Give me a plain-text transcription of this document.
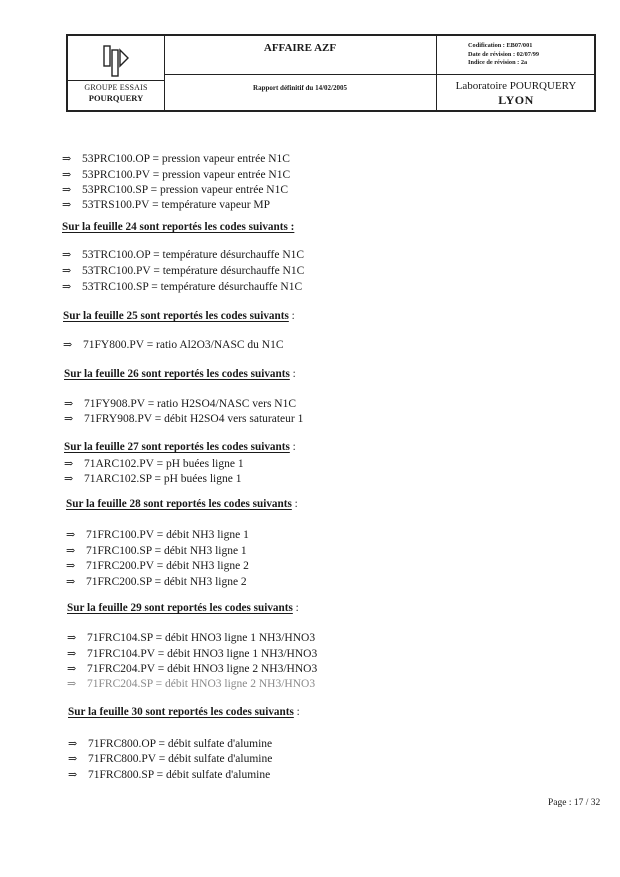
GROUPE ESSAIS
POURQUERY
AFFAIRE AZF
Rapport définitif du 14/02/2005
Codification : EB07/001
Date de révision : 02/07/99
Indice de révision : 2a
Laboratoire POURQUERY
LYON
⇒ 53PRC100.OP = pression vapeur entrée N1C
⇒ 53PRC100.PV = pression vapeur entrée N1C
⇒ 53PRC100.SP = pression vapeur entrée N1C
⇒ 53TRS100.PV = température vapeur MP
Sur la feuille 24 sont reportés les codes suivants :
⇒ 53TRC100.OP = température désurchauffe N1C
⇒ 53TRC100.PV = température désurchauffe N1C
⇒ 53TRC100.SP = température désurchauffe N1C
Sur la feuille 25 sont reportés les codes suivants :
⇒ 71FY800.PV = ratio Al2O3/NASC du N1C
Sur la feuille 26 sont reportés les codes suivants :
⇒ 71FY908.PV = ratio H2SO4/NASC vers N1C
⇒ 71FRY908.PV = débit H2SO4 vers saturateur 1
Sur la feuille 27 sont reportés les codes suivants :
⇒ 71ARC102.PV = pH buées ligne 1
⇒ 71ARC102.SP = pH buées ligne 1
Sur la feuille 28 sont reportés les codes suivants :
⇒ 71FRC100.PV = débit NH3 ligne 1
⇒ 71FRC100.SP = débit NH3 ligne 1
⇒ 71FRC200.PV = débit NH3 ligne 2
⇒ 71FRC200.SP = débit NH3 ligne 2
Sur la feuille 29 sont reportés les codes suivants :
⇒ 71FRC104.SP = débit HNO3 ligne 1 NH3/HNO3
⇒ 71FRC104.PV = débit HNO3 ligne 1 NH3/HNO3
⇒ 71FRC204.PV = débit HNO3 ligne 2 NH3/HNO3
⇒ 71FRC204.SP = débit HNO3 ligne 2 NH3/HNO3
Sur la feuille 30 sont reportés les codes suivants :
⇒ 71FRC800.OP = débit sulfate d'alumine
⇒ 71FRC800.PV = débit sulfate d'alumine
⇒ 71FRC800.SP = débit sulfate d'alumine
Page : 17 / 32
